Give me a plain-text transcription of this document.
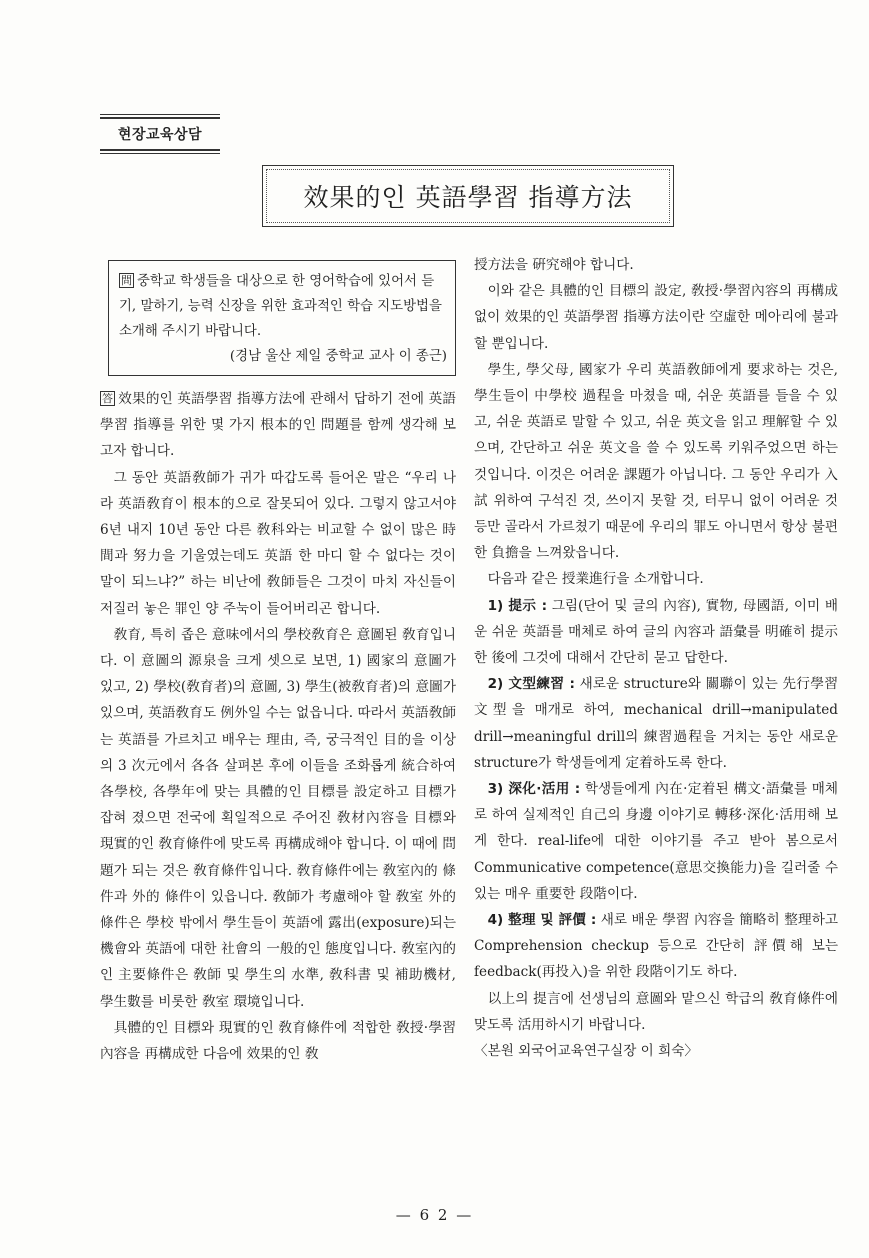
현장교육상담
效果的인 英語學習 指導方法
問 중학교 학생들을 대상으로 한 영어학습에 있어서 듣기, 말하기, 능력 신장을 위한 효과적인 학습 지도방법을 소개해 주시기 바랍니다.
(경남 울산 제일 중학교 교사 이 종근)

答 效果的인 英語學習 指導方法에 관해서 답하기 전에 英語學習 指導를 위한 몇 가지 根本的인 問題를 함께 생각해 보고자 합니다.

그 동안 英語敎師가 귀가 따갑도록 들어온 말은 “우리 나라 英語敎育이 根本的으로 잘못되어 있다. 그렇지 않고서야 6년 내지 10년 동안 다른 敎科와는 비교할 수 없이 많은 時間과 努力을 기울였는데도 英語 한 마디 할 수 없다는 것이 말이 되느냐?” 하는 비난에 敎師들은 그것이 마치 자신들이 저질러 놓은 罪인 양 주눅이 들어버리곤 합니다.

敎育, 특히 좁은 意味에서의 學校敎育은 意圖된 敎育입니다. 이 意圖의 源泉을 크게 셋으로 보면, 1) 國家의 意圖가 있고, 2) 學校(敎育者)의 意圖, 3) 學生(被敎育者)의 意圖가 있으며, 英語敎育도 例外일 수는 없읍니다. 따라서 英語敎師는 英語를 가르치고 배우는 理由, 즉, 궁극적인 目的을 이상의 3 次元에서 各各 살펴본 후에 이들을 조화롭게 統合하여 各學校, 各學年에 맞는 具體的인 目標를 設定하고 目標가 잡혀 졌으면 전국에 획일적으로 주어진 敎材內容을 目標와 現實的인 敎育條件에 맞도록 再構成해야 합니다. 이 때에 問題가 되는 것은 敎育條件입니다. 敎育條件에는 敎室內的 條件과 外的 條件이 있읍니다. 敎師가 考慮해야 할 敎室 外的 條件은 學校 밖에서 學生들이 英語에 露出(exposure)되는 機會와 英語에 대한 社會의 一般的인 態度입니다. 敎室內的인 主要條件은 敎師 및 學生의 水準, 敎科書 및 補助機材, 學生數를 비롯한 敎室 環境입니다.

具體的인 目標와 現實的인 敎育條件에 적합한 敎授·學習內容을 再構成한 다음에 效果的인 敎

授方法을 硏究해야 합니다.

이와 같은 具體的인 目標의 設定, 敎授·學習內容의 再構成 없이 效果的인 英語學習 指導方法이란 空虛한 메아리에 불과할 뿐입니다.

學生, 學父母, 國家가 우리 英語敎師에게 要求하는 것은, 學生들이 中學校 過程을 마쳤을 때, 쉬운 英語를 들을 수 있고, 쉬운 英語로 말할 수 있고, 쉬운 英文을 읽고 理解할 수 있으며, 간단하고 쉬운 英文을 쓸 수 있도록 키워주었으면 하는 것입니다. 이것은 어려운 課題가 아닙니다. 그 동안 우리가 入試 위하여 구석진 것, 쓰이지 못할 것, 터무니 없이 어려운 것 등만 골라서 가르쳤기 때문에 우리의 罪도 아니면서 항상 불편한 負擔을 느껴왔읍니다.

다음과 같은 授業進行을 소개합니다.

1) 提示 : 그림(단어 및 글의 內容), 實物, 母國語, 이미 배운 쉬운 英語를 매체로 하여 글의 內容과 語彙를 明確히 提示한 後에 그것에 대해서 간단히 묻고 답한다.

2) 文型練習 : 새로운 structure와 關聯이 있는 先行學習 文型을 매개로 하여, mechanical drill→manipulated drill→meaningful drill의 練習過程을 거치는 동안 새로운 structure가 학생들에게 定着하도록 한다.

3) 深化·活用 : 학생들에게 內在·定着된 構文·語彙를 매체로 하여 실제적인 自己의 身邊 이야기로 轉移·深化·活用해 보게 한다. real-life에 대한 이야기를 주고 받아 봄으로서 Communicative competence(意思交換能力)을 길러줄 수 있는 매우 重要한 段階이다.

4) 整理 및 評價 : 새로 배운 學習 內容을 簡略히 整理하고 Comprehension checkup 등으로 간단히 評價해 보는 feedback(再投入)을 위한 段階이기도 하다.

以上의 提言에 선생님의 意圖와 맡으신 학급의 敎育條件에 맞도록 活用하시기 바랍니다.

〈본원 외국어교육연구실장 이 희숙〉

— 6 2 —
